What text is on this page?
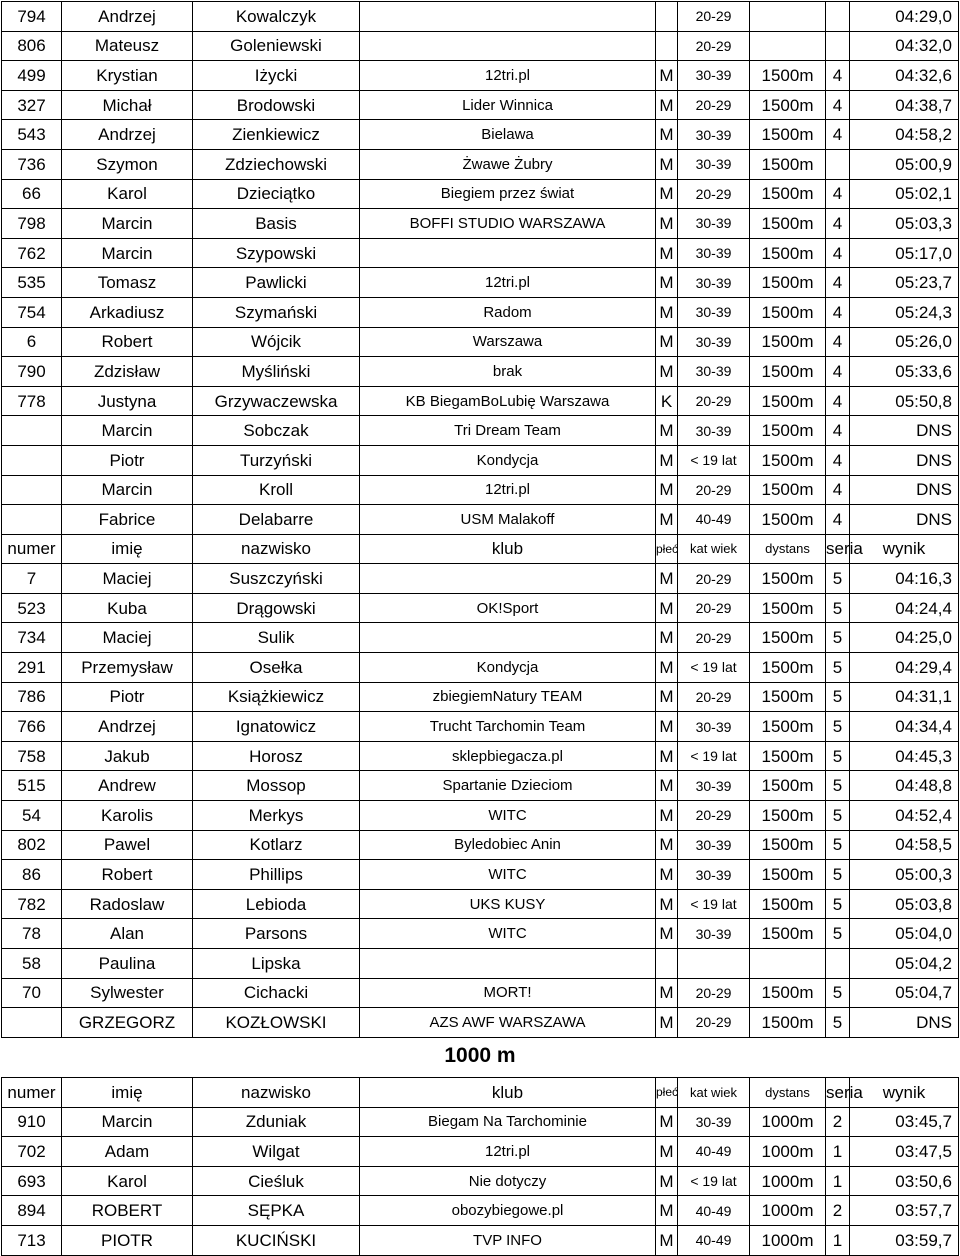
794	Andrzej	Kowalczyk			20-29			04:29,0
806	Mateusz	Goleniewski			20-29			04:32,0
499	Krystian	Iżycki	12tri.pl	M	30-39	1500m	4	04:32,6
327	Michał	Brodowski	Lider Winnica	M	20-29	1500m	4	04:38,7
543	Andrzej	Zienkiewicz	Bielawa	M	30-39	1500m	4	04:58,2
736	Szymon	Zdziechowski	Żwawe Żubry	M	30-39	1500m		05:00,9
66	Karol	Dzieciątko	Biegiem przez świat	M	20-29	1500m	4	05:02,1
798	Marcin	Basis	BOFFI STUDIO WARSZAWA	M	30-39	1500m	4	05:03,3
762	Marcin	Szypowski		M	30-39	1500m	4	05:17,0
535	Tomasz	Pawlicki	12tri.pl	M	30-39	1500m	4	05:23,7
754	Arkadiusz	Szymański	Radom	M	30-39	1500m	4	05:24,3
6	Robert	Wójcik	Warszawa	M	30-39	1500m	4	05:26,0
790	Zdzisław	Myśliński	brak	M	30-39	1500m	4	05:33,6
778	Justyna	Grzywaczewska	KB BiegamBoLubię Warszawa	K	20-29	1500m	4	05:50,8
	Marcin	Sobczak	Tri Dream Team	M	30-39	1500m	4	DNS
	Piotr	Turzyński	Kondycja	M	< 19 lat	1500m	4	DNS
	Marcin	Kroll	12tri.pl	M	20-29	1500m	4	DNS
	Fabrice	Delabarre	USM Malakoff	M	40-49	1500m	4	DNS
numer	imię	nazwisko	klub	płeć	kat wiek	dystans	seria	wynik
7	Maciej	Suszczyński		M	20-29	1500m	5	04:16,3
523	Kuba	Drągowski	OK!Sport	M	20-29	1500m	5	04:24,4
734	Maciej	Sulik		M	20-29	1500m	5	04:25,0
291	Przemysław	Osełka	Kondycja	M	< 19 lat	1500m	5	04:29,4
786	Piotr	Książkiewicz	zbiegiemNatury TEAM	M	20-29	1500m	5	04:31,1
766	Andrzej	Ignatowicz	Trucht Tarchomin Team	M	30-39	1500m	5	04:34,4
758	Jakub	Horosz	sklepbiegacza.pl	M	< 19 lat	1500m	5	04:45,3
515	Andrew	Mossop	Spartanie Dzieciom	M	30-39	1500m	5	04:48,8
54	Karolis	Merkys	WITC	M	20-29	1500m	5	04:52,4
802	Pawel	Kotlarz	Byledobiec Anin	M	30-39	1500m	5	04:58,5
86	Robert	Phillips	WITC	M	30-39	1500m	5	05:00,3
782	Radoslaw	Lebioda	UKS KUSY	M	< 19 lat	1500m	5	05:03,8
78	Alan	Parsons	WITC	M	30-39	1500m	5	05:04,0
58	Paulina	Lipska						05:04,2
70	Sylwester	Cichacki	MORT!	M	20-29	1500m	5	05:04,7
	GRZEGORZ	KOZŁOWSKI	AZS AWF WARSZAWA	M	20-29	1500m	5	DNS
numer	imię	nazwisko	klub	płeć	kat wiek	dystans	seria	wynik
910	Marcin	Zduniak	Biegam Na Tarchominie	M	30-39	1000m	2	03:45,7
702	Adam	Wilgat	12tri.pl	M	40-49	1000m	1	03:47,5
693	Karol	Cieśluk	Nie dotyczy	M	< 19 lat	1000m	1	03:50,6
894	ROBERT	SĘPKA	obozybiegowe.pl	M	40-49	1000m	2	03:57,7
713	PIOTR	KUCIŃSKI	TVP INFO	M	40-49	1000m	1	03:59,7
1000 m
